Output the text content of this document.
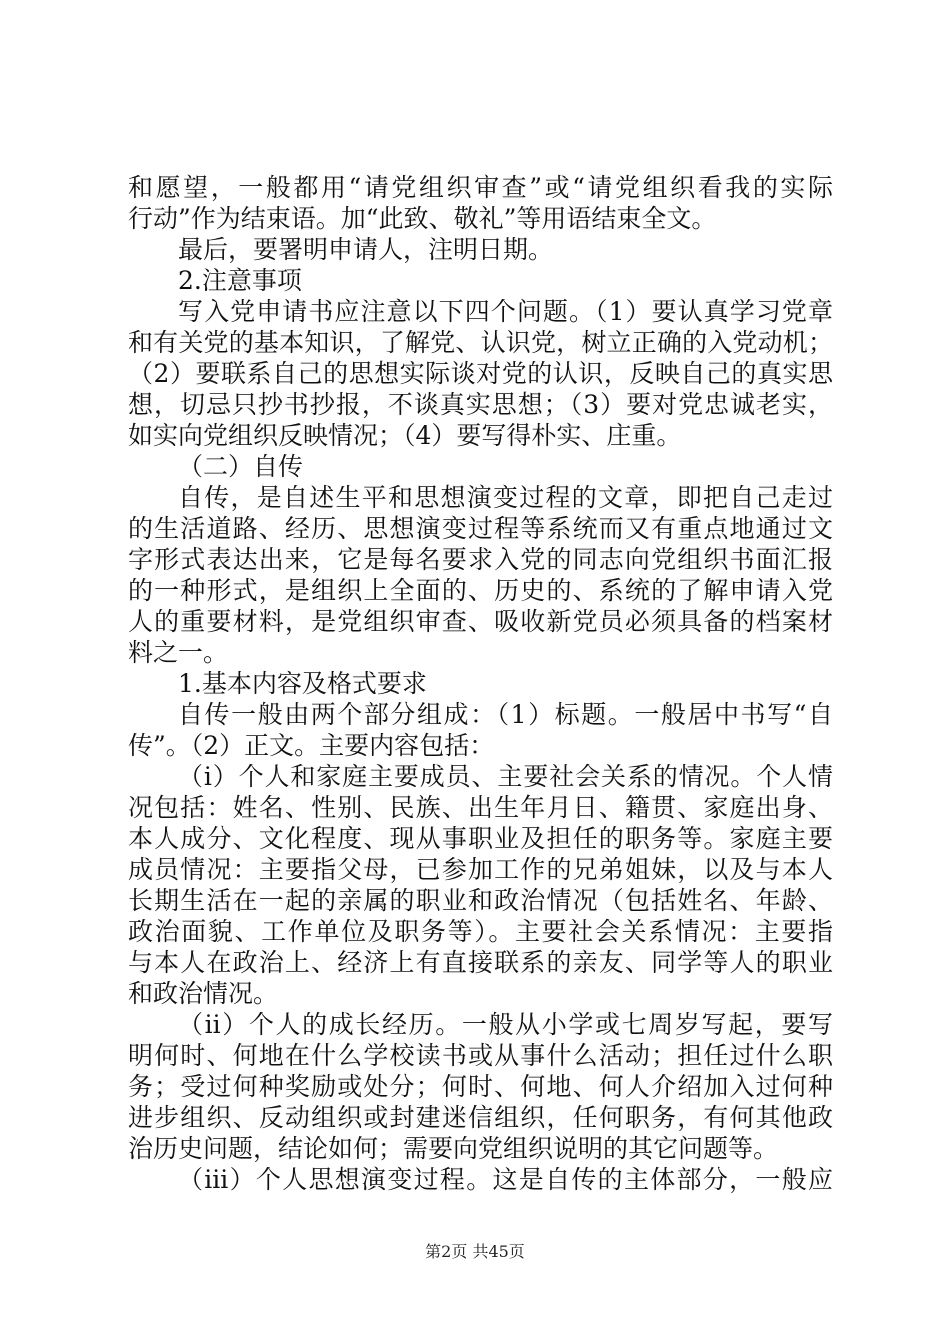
和愿望，一般都用“请党组织审查”或“请党组织看我的实际
行动”作为结束语。加“此致、敬礼”等用语结束全文。
最后，要署明申请人，注明日期。
2.注意事项
写入党申请书应注意以下四个问题。（1）要认真学习党章
和有关党的基本知识，了解党、认识党，树立正确的入党动机；
（2）要联系自己的思想实际谈对党的认识，反映自己的真实思
想，切忌只抄书抄报，不谈真实思想；（3）要对党忠诚老实，
如实向党组织反映情况；（4）要写得朴实、庄重。
（二）自传
自传，是自述生平和思想演变过程的文章，即把自己走过
的生活道路、经历、思想演变过程等系统而又有重点地通过文
字形式表达出来，它是每名要求入党的同志向党组织书面汇报
的一种形式，是组织上全面的、历史的、系统的了解申请入党
人的重要材料，是党组织审查、吸收新党员必须具备的档案材
料之一。
1.基本内容及格式要求
自传一般由两个部分组成：（1）标题。一般居中书写“自
传”。（2）正文。主要内容包括：
（i）个人和家庭主要成员、主要社会关系的情况。个人情
况包括：姓名、性别、民族、出生年月日、籍贯、家庭出身、
本人成分、文化程度、现从事职业及担任的职务等。家庭主要
成员情况：主要指父母，已参加工作的兄弟姐妹，以及与本人
长期生活在一起的亲属的职业和政治情况（包括姓名、年龄、
政治面貌、工作单位及职务等）。主要社会关系情况：主要指
与本人在政治上、经济上有直接联系的亲友、同学等人的职业
和政治情况。
（ii）个人的成长经历。一般从小学或七周岁写起，要写
明何时、何地在什么学校读书或从事什么活动；担任过什么职
务；受过何种奖励或处分；何时、何地、何人介绍加入过何种
进步组织、反动组织或封建迷信组织，任何职务，有何其他政
治历史问题，结论如何；需要向党组织说明的其它问题等。
（iii）个人思想演变过程。这是自传的主体部分，一般应
第2页 共45页
